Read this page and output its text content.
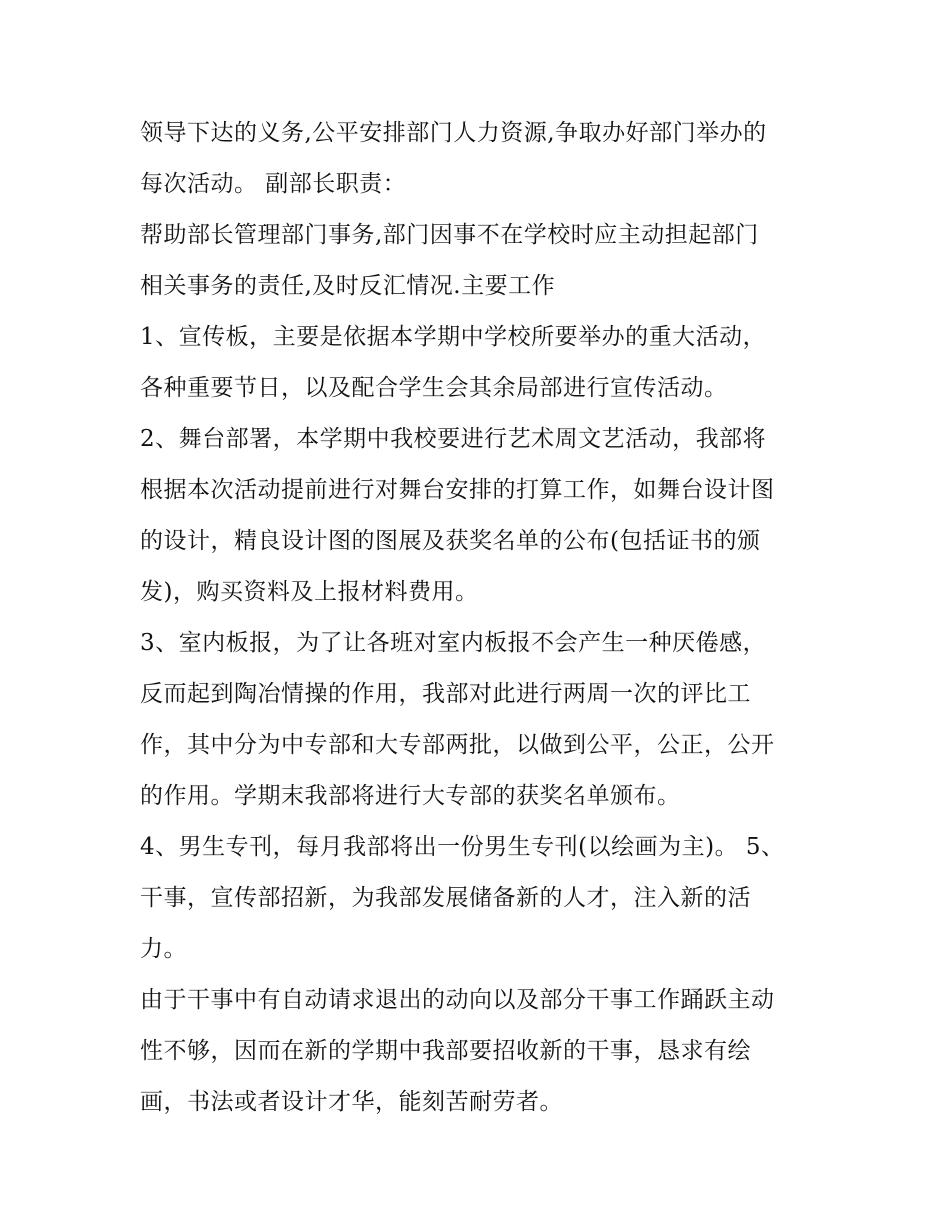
领导下达的义务,公平安排部门人力资源,争取办好部门举办的
每次活动。 副部长职责：
帮助部长管理部门事务,部门因事不在学校时应主动担起部门
相关事务的责任,及时反汇情况.主要工作
1、宣传板，主要是依据本学期中学校所要举办的重大活动，
各种重要节日，以及配合学生会其余局部进行宣传活动。
2、舞台部署，本学期中我校要进行艺术周文艺活动，我部将
根据本次活动提前进行对舞台安排的打算工作，如舞台设计图
的设计，精良设计图的图展及获奖名单的公布(包括证书的颁
发)，购买资料及上报材料费用。
3、室内板报，为了让各班对室内板报不会产生一种厌倦感，
反而起到陶冶情操的作用，我部对此进行两周一次的评比工
作，其中分为中专部和大专部两批，以做到公平，公正，公开
的作用。学期末我部将进行大专部的获奖名单颁布。
4、男生专刊，每月我部将出一份男生专刊(以绘画为主)。 5、
干事，宣传部招新，为我部发展储备新的人才，注入新的活
力。
由于干事中有自动请求退出的动向以及部分干事工作踊跃主动
性不够，因而在新的学期中我部要招收新的干事，恳求有绘
画，书法或者设计才华，能刻苦耐劳者。
